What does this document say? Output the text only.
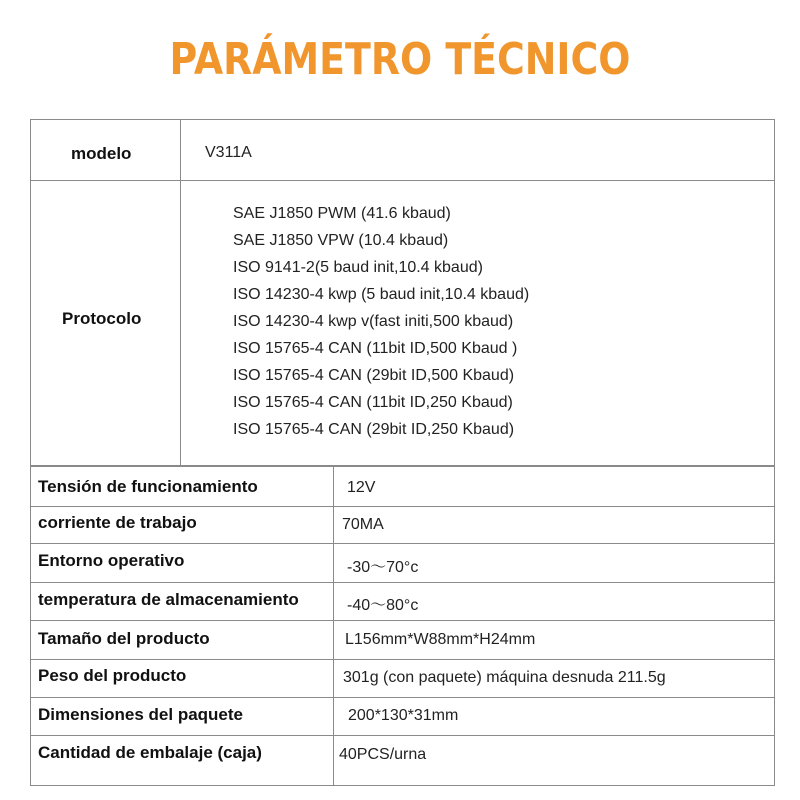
PARÁMETRO TÉCNICO
modelo	V311A
Protocolo
SAE J1850 PWM (41.6 kbaud)
SAE J1850 VPW (10.4 kbaud)
ISO 9141-2(5 baud init,10.4 kbaud)
ISO 14230-4 kwp (5 baud init,10.4 kbaud)
ISO 14230-4 kwp v(fast initi,500 kbaud)
ISO 15765-4 CAN (11bit ID,500 Kbaud )
ISO 15765-4 CAN (29bit ID,500 Kbaud)
ISO 15765-4 CAN (11bit ID,250 Kbaud)
ISO 15765-4 CAN (29bit ID,250 Kbaud)
Tensión de funcionamiento	12V
corriente de trabajo	70MA
Entorno operativo	-30～70°c
temperatura de almacenamiento	-40～80°c
Tamaño del producto	L156mm*W88mm*H24mm
Peso del producto	301g (con paquete) máquina desnuda 211.5g
Dimensiones del paquete	200*130*31mm
Cantidad de embalaje (caja)	40PCS/urna
